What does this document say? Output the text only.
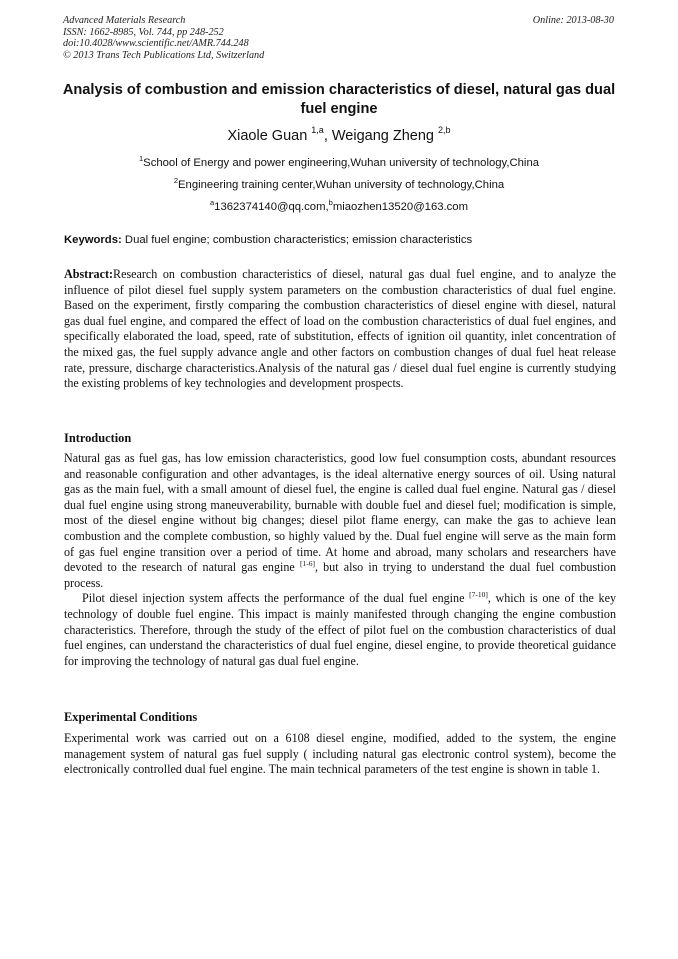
Advanced Materials Research
ISSN: 1662-8985, Vol. 744, pp 248-252
doi:10.4028/www.scientific.net/AMR.744.248
© 2013 Trans Tech Publications Ltd, Switzerland
Online: 2013-08-30
Analysis of combustion and emission characteristics of diesel, natural gas dual fuel engine
Xiaole Guan $^{1,a}$, Weigang Zheng $^{2,b}$
$^1$School of Energy and power engineering,Wuhan university of technology,China
$^2$Engineering training center,Wuhan university of technology,China
$^a$1362374140@qq.com,$^b$miaozhen13520@163.com
Keywords: Dual fuel engine; combustion characteristics; emission characteristics

Abstract:Research on combustion characteristics of diesel, natural gas dual fuel engine, and to analyze the influence of pilot diesel fuel supply system parameters on the combustion characteristics of dual fuel engine. Based on the experiment, firstly comparing the combustion characteristics of diesel engine with diesel, natural gas dual fuel engine, and compared the effect of load on the combustion characteristics of dual fuel engines, and specifically elaborated the load, speed, rate of substitution, effects of ignition oil quantity, inlet concentration of the mixed gas, the fuel supply advance angle and other factors on combustion changes of dual fuel heat release rate, pressure, discharge characteristics.Analysis of the natural gas / diesel dual fuel engine is currently studying the existing problems of key technologies and development prospects.

Introduction

Natural gas as fuel gas, has low emission characteristics, good low fuel consumption costs, abundant resources and reasonable configuration and other advantages, is the ideal alternative energy sources of oil. Using natural gas as the main fuel, with a small amount of diesel fuel, the engine is called dual fuel engine. Natural gas / diesel dual fuel engine using strong maneuverability, burnable with double fuel and diesel fuel; modification is simple, most of the diesel engine without big changes; diesel pilot flame energy, can make the gas to achieve lean combustion and the complete combustion, so highly valued by the. Dual fuel engine will serve as the main form of gas fuel engine transition over a period of time. At home and abroad, many scholars and researchers have devoted to the research of natural gas engine [1-6], but also in trying to understand the dual fuel combustion process.

Pilot diesel injection system affects the performance of the dual fuel engine [7-10], which is one of the key technology of double fuel engine. This impact is mainly manifested through changing the engine combustion characteristics. Therefore, through the study of the effect of pilot fuel on the combustion characteristics of dual fuel engines, can understand the characteristics of dual fuel engine, diesel engine, to provide theoretical guidance for improving the technology of natural gas dual fuel engine.

Experimental Conditions

Experimental work was carried out on a 6108 diesel engine, modified, added to the system, the engine management system of natural gas fuel supply ( including natural gas electronic control system), become the electronically controlled dual fuel engine. The main technical parameters of the test engine is shown in table 1.
